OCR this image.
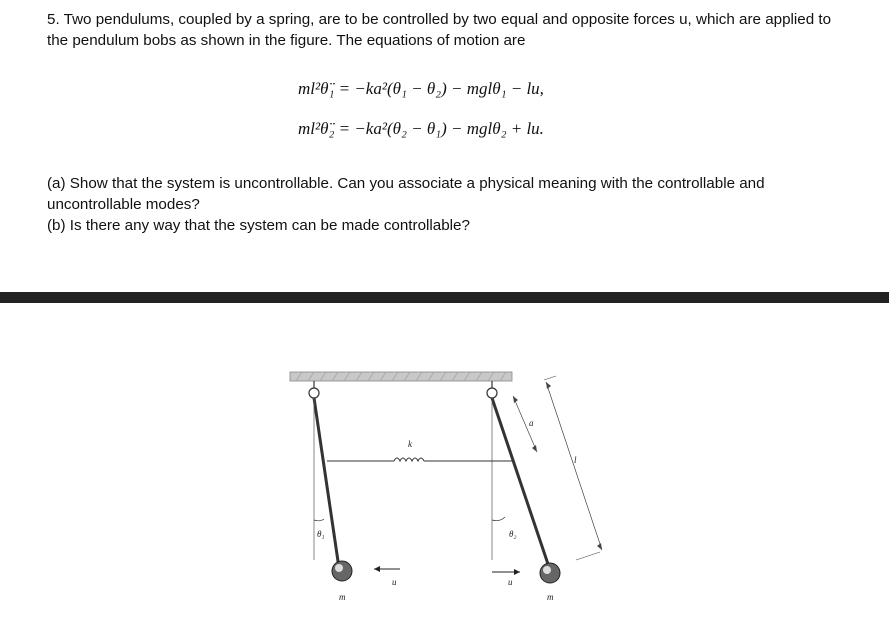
5. Two pendulums, coupled by a spring, are to be controlled by two equal and opposite forces u, which are applied to the pendulum bobs as shown in the figure. The equations of motion are
ml²θ̈₁ = −ka²(θ₁ − θ₂) − mglθ₁ − lu,
ml²θ̈₂ = −ka²(θ₂ − θ₁) − mglθ₂ + lu.

(a) Show that the system is uncontrollable. Can you associate a physical meaning with the controllable and uncontrollable modes?

(b) Is there any way that the system can be made controllable?

k
a
l
θ₁	θ₂
u	u
m	m
